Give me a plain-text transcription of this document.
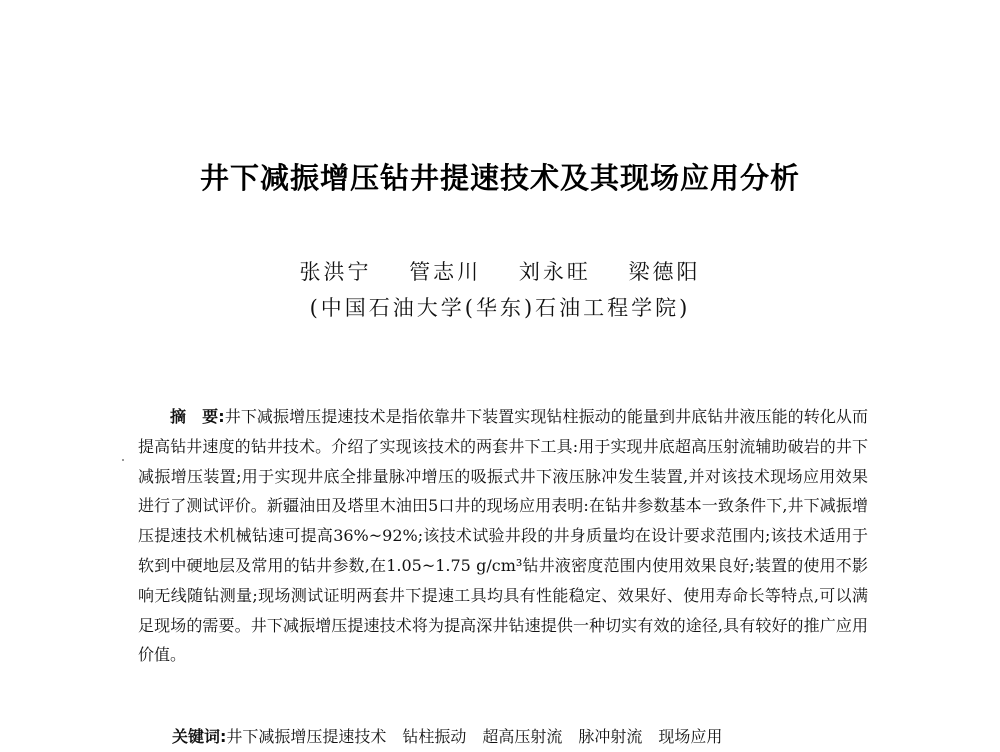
井下减振增压钻井提速技术及其现场应用分析
张洪宁 管志川 刘永旺 梁德阳
(中国石油大学(华东)石油工程学院)
摘　要:井下减振增压提速技术是指依靠井下装置实现钻柱振动的能量到井底钻井液压能的转化从而提高钻井速度的钻井技术。介绍了实现该技术的两套井下工具:用于实现井底超高压射流辅助破岩的井下减振增压装置;用于实现井底全排量脉冲增压的吸振式井下液压脉冲发生装置,并对该技术现场应用效果进行了测试评价。新疆油田及塔里木油田5口井的现场应用表明:在钻井参数基本一致条件下,井下减振增压提速技术机械钻速可提高36%~92%;该技术试验井段的井身质量均在设计要求范围内;该技术适用于软到中硬地层及常用的钻井参数,在1.05~1.75 g/cm³钻井液密度范围内使用效果良好;装置的使用不影响无线随钻测量;现场测试证明两套井下提速工具均具有性能稳定、效果好、使用寿命长等特点,可以满足现场的需要。井下减振增压提速技术将为提高深井钻速提供一种切实有效的途径,具有较好的推广应用价值。
关键词:井下减振增压提速技术　钻柱振动　超高压射流　脉冲射流　现场应用
